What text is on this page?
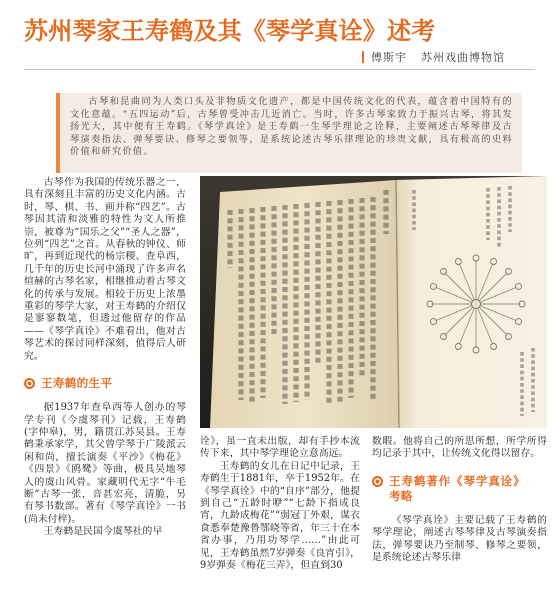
苏州琴家王寿鹤及其《琴学真诠》述考
傅斯宇 苏州戏曲博物馆
古琴和昆曲同为人类口头及非物质文化遗产，都是中国传统文化的代表，蕴含着中国特有的文化意蕴。“五四运动”后，古琴曾受冲击几近消亡。当时，许多古琴家致力于振兴古琴，将其发扬光大，其中便有王寿鹤。《琴学真诠》是王寿鹤一生琴学理论之诠释，主要阐述古琴琴律及古琴演奏指法、弹琴要诀、修琴之要领等，是系统论述古琴乐律理论的珍贵文献，具有极高的史料价值和研究价值。

古琴作为我国的传统乐器之一，具有深刻且丰富的历史文化内涵。古时，琴、棋、书、画并称“四艺”。古琴因其清和淡雅的特性为文人所推崇，被尊为“国乐之父”“圣人之器”，位列“四艺”之首。从春秋的钟仪、师旷，再到近现代的杨宗稷、查阜西，几千年的历史长河中涌现了许多声名煊赫的古琴名家，相继推动着古琴文化的传承与发展。相较于历史上浓墨重彩的琴学大家，对王寿鹤的介绍仅是寥寥数笔，但透过他留存的作品——《琴学真诠》不难看出，他对古琴艺术的探讨同样深刻，值得后人研究。

王寿鹤的生平

据1937年查阜西等人创办的琴学专刊《今虞琴刊》记载，王寿鹤(字仲皋)，男，籍贯江苏吴县。王寿鹤秉承家学，其父曾学琴于广陵派云闲和尚，擅长演奏《平沙》《梅花》《四景》《鸥鹭》等曲，极具吴地琴人的虞山风骨。家藏明代无字“牛毛断”古琴一张，音甚宏亮，清脆，另有琴书数部。著有《琴学真诠》一书(尚未付梓)。

王寿鹤是民国今虞琴社的早

诠》，虽一直未出版，却有手抄本流传下来，其中琴学理论立意高远。

王寿鹤的女儿在日记中记录，王寿鹤生于1881年，卒于1952年。在《琴学真诠》中的“自序”部分，他提到自己“五龄时咿”“七龄下指成良宵，九龄成梅花”“弱冠丁外艰，谋衣食悉奉楚豫鲁鄂晓等省，年三十在本省办事，乃用功琴学……”由此可见，王寿鹤虽然7岁弹奏《良宵引》，9岁弹奏《梅花三弄》，但直到30

数暇。他将自己的所思所想，所学所得均记录于其中，让传统文化得以留存。

王寿鹤著作《琴学真诠》考略

《琴学真诠》主要记载了王寿鹤的琴学理论，阐述古琴琴律及古琴演奏指法，弹琴要诀乃至制琴、修琴之要领，是系统论述古琴乐律
